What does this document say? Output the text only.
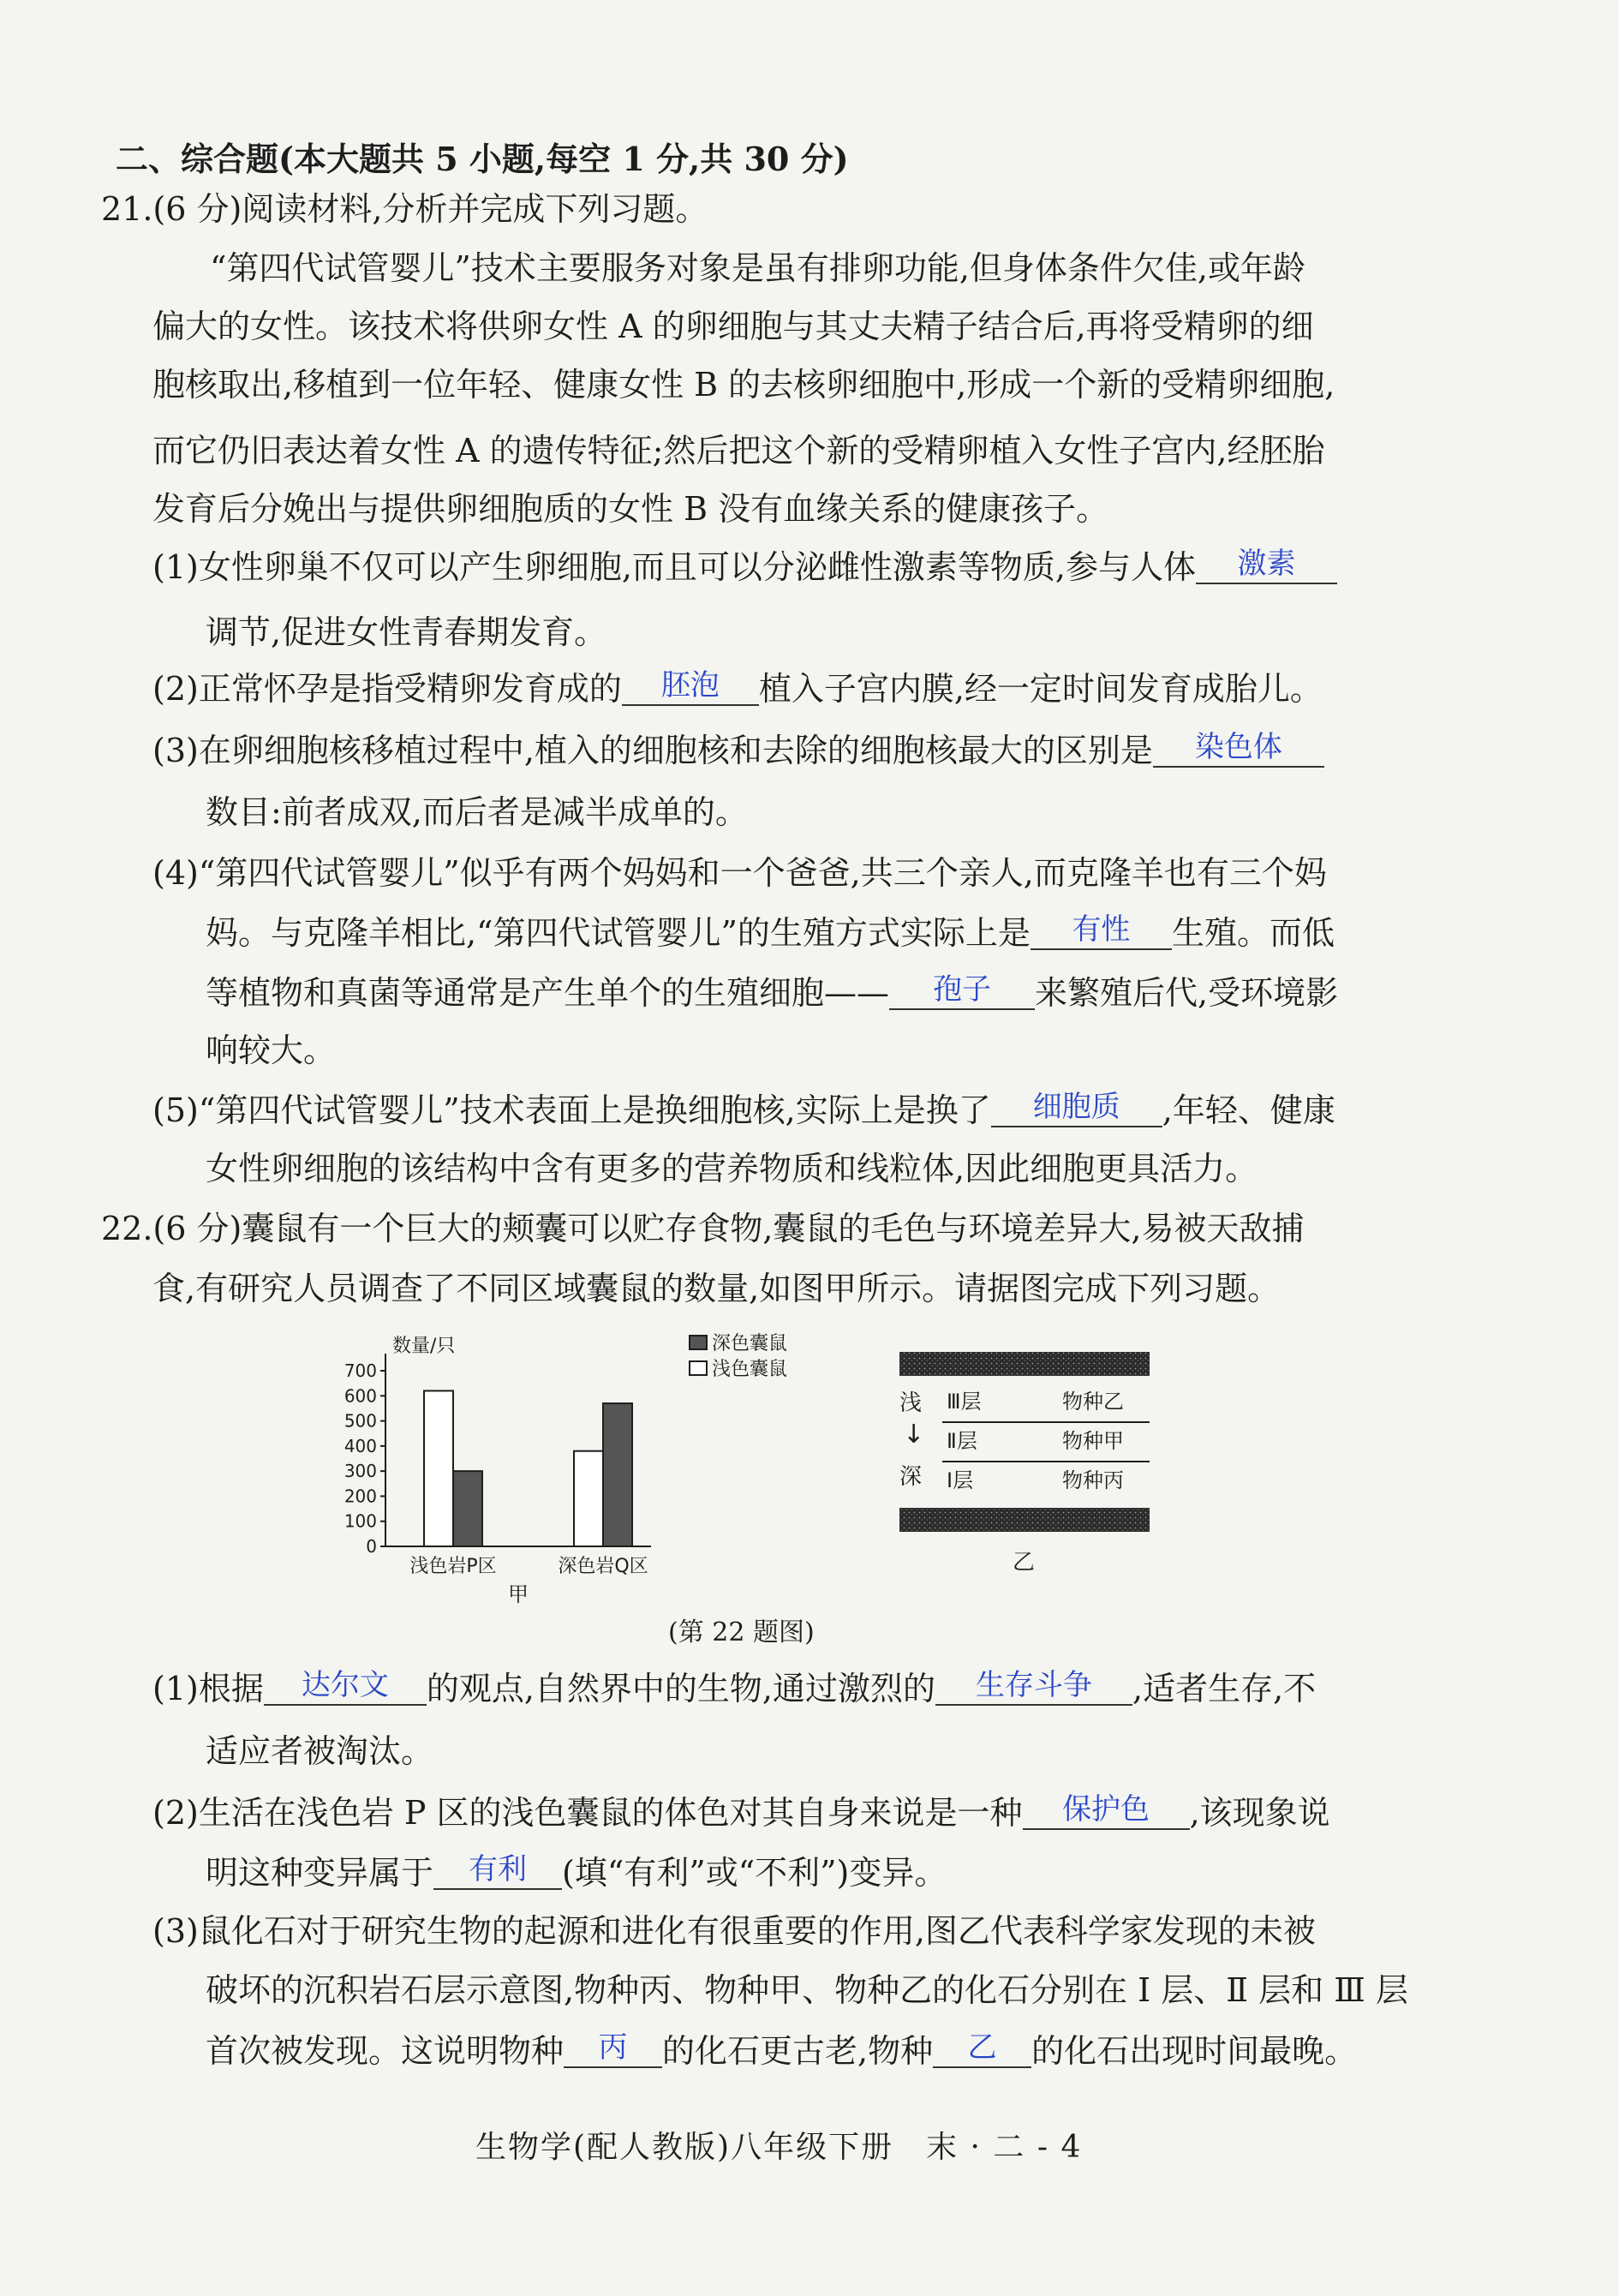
二、综合题(本大题共 5 小题,每空 1 分,共 30 分)
21.(6 分)阅读材料,分析并完成下列习题。
“第四代试管婴儿”技术主要服务对象是虽有排卵功能,但身体条件欠佳,或年龄
偏大的女性。该技术将供卵女性 A 的卵细胞与其丈夫精子结合后,再将受精卵的细
胞核取出,移植到一位年轻、健康女性 B 的去核卵细胞中,形成一个新的受精卵细胞,
而它仍旧表达着女性 A 的遗传特征;然后把这个新的受精卵植入女性子宫内,经胚胎
发育后分娩出与提供卵细胞质的女性 B 没有血缘关系的健康孩子。
(1)女性卵巢不仅可以产生卵细胞,而且可以分泌雌性激素等物质,参与人体 激素
调节,促进女性青春期发育。
(2)正常怀孕是指受精卵发育成的 胚泡 植入子宫内膜,经一定时间发育成胎儿。
(3)在卵细胞核移植过程中,植入的细胞核和去除的细胞核最大的区别是 染色体
数目:前者成双,而后者是减半成单的。
(4)“第四代试管婴儿”似乎有两个妈妈和一个爸爸,共三个亲人,而克隆羊也有三个妈
妈。与克隆羊相比,“第四代试管婴儿”的生殖方式实际上是 有性 生殖。而低
等植物和真菌等通常是产生单个的生殖细胞—— 孢子 来繁殖后代,受环境影
响较大。
(5)“第四代试管婴儿”技术表面上是换细胞核,实际上是换了 细胞质 ,年轻、健康
女性卵细胞的该结构中含有更多的营养物质和线粒体,因此细胞更具活力。
22.(6 分)囊鼠有一个巨大的颊囊可以贮存食物,囊鼠的毛色与环境差异大,易被天敌捕
食,有研究人员调查了不同区域囊鼠的数量,如图甲所示。请据图完成下列习题。
数量/只
0
100
200
300
400
500
600
700
浅色岩P区	深色岩Q区
深色囊鼠
浅色囊鼠
甲
浅
↓
深
Ⅲ层	物种乙
Ⅱ层	物种甲
Ⅰ层	物种丙
乙
(第 22 题图)
(1)根据 达尔文 的观点,自然界中的生物,通过激烈的 生存斗争 ,适者生存,不
适应者被淘汰。
(2)生活在浅色岩 P 区的浅色囊鼠的体色对其自身来说是一种 保护色 ,该现象说
明这种变异属于 有利 (填“有利”或“不利”)变异。
(3)鼠化石对于研究生物的起源和进化有很重要的作用,图乙代表科学家发现的未被
破坏的沉积岩石层示意图,物种丙、物种甲、物种乙的化石分别在 Ⅰ 层、Ⅱ 层和 Ⅲ 层
首次被发现。这说明物种 丙 的化石更古老,物种 乙 的化石出现时间最晚。
生物学(配人教版)八年级下册　末 · 二 - 4
